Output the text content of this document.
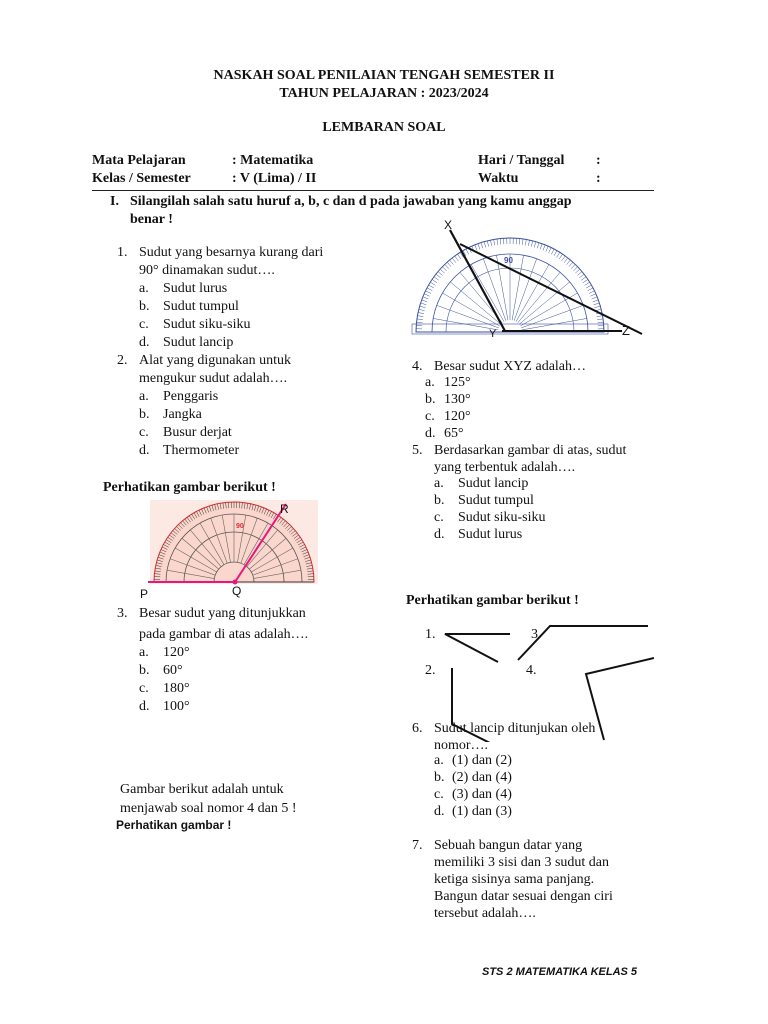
NASKAH SOAL PENILAIAN TENGAH SEMESTER II
TAHUN PELAJARAN : 2023/2024
LEMBARAN SOAL
Mata Pelajaran	: Matematika	Hari / Tanggal :
Kelas / Semester	: V (Lima) / II	Waktu	:
I. Silangilah salah satu huruf a, b, c dan d pada jawaban yang kamu anggap
benar !
1. Sudut yang besarnya kurang dari
90° dinamakan sudut….
a. Sudut lurus
b. Sudut tumpul
c. Sudut siku-siku
d. Sudut lancip
2. Alat yang digunakan untuk
mengukur sudut adalah….
a. Penggaris
b. Jangka
c. Busur derjat
d. Thermometer
Perhatikan gambar berikut !
90
P	Q
R
3. Besar sudut yang ditunjukkan
pada gambar di atas adalah….
a. 120°
b. 60°
c. 180°
d. 100°
Gambar berikut adalah untuk
menjawab soal nomor 4 dan 5 !
Perhatikan gambar !
90
X
Y	Z
4. Besar sudut XYZ adalah…
a. 125°
b. 130°
c. 120°
d. 65°
5. Berdasarkan gambar di atas, sudut
yang terbentuk adalah….
a. Sudut lancip
b. Sudut tumpul
c. Sudut siku-siku
d. Sudut lurus
Perhatikan gambar berikut !
1.	3.
2.	4.
6. Sudut lancip ditunjukan oleh
nomor….
a. (1) dan (2)
b. (2) dan (4)
c. (3) dan (4)
d. (1) dan (3)
7. Sebuah bangun datar yang
memiliki 3 sisi dan 3 sudut dan
ketiga sisinya sama panjang.
Bangun datar sesuai dengan ciri
tersebut adalah….
STS 2 MATEMATIKA KELAS 5
